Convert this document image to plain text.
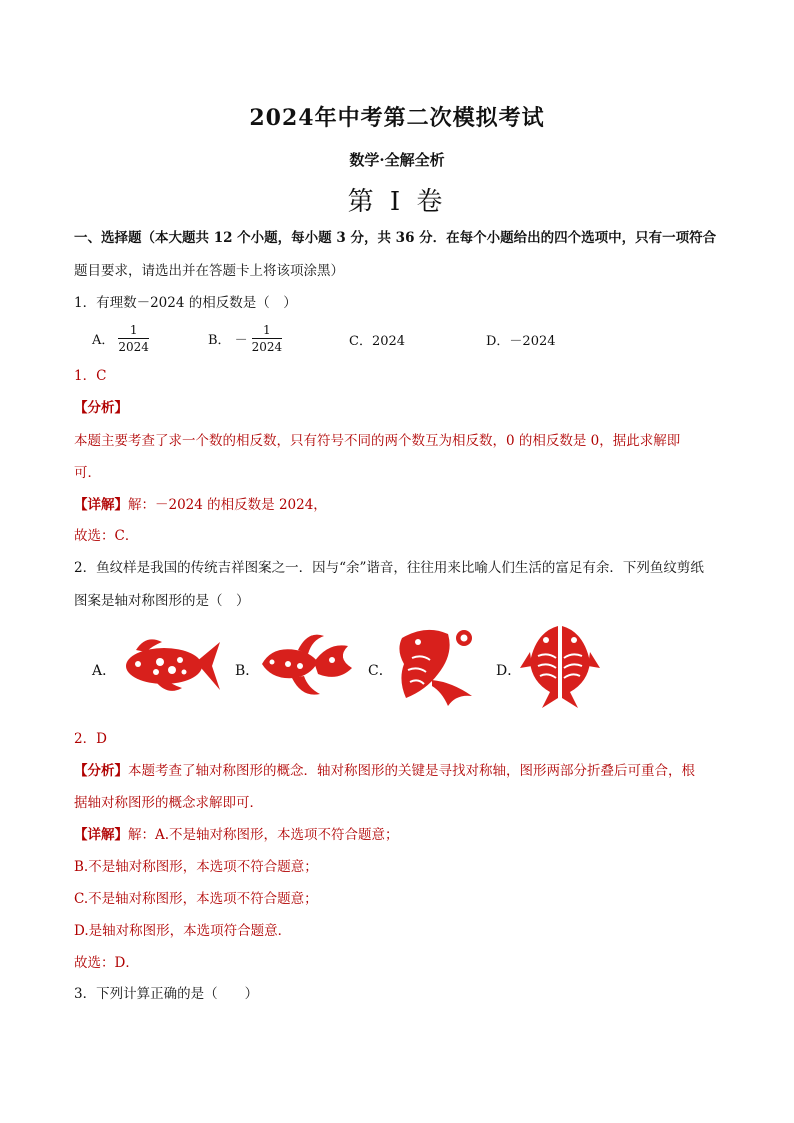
2024年中考第二次模拟考试
数学·全解全析
第 I 卷
一、选择题（本大题共 12 个小题，每小题 3 分，共 36 分．在每个小题给出的四个选项中，只有一项符合
题目要求，请选出并在答题卡上将该项涂黑）
1．有理数－2024 的相反数是（　）
A． $\frac{1}{2024}$	B． － $\frac{1}{2024}$	C．2024	D．－2024
1．C
【分析】
本题主要考查了求一个数的相反数，只有符号不同的两个数互为相反数，0 的相反数是 0，据此求解即
可．
【详解】解：－2024 的相反数是 2024，
故选：C．
2．鱼纹样是我国的传统吉祥图案之一．因与“余”谐音，往往用来比喻人们生活的富足有余．下列鱼纹剪纸
图案是轴对称图形的是（　）
A．	B．	C．	D．
2．D
【分析】本题考查了轴对称图形的概念．轴对称图形的关键是寻找对称轴，图形两部分折叠后可重合，根
据轴对称图形的概念求解即可．
【详解】解：A.不是轴对称图形，本选项不符合题意；
B.不是轴对称图形，本选项不符合题意；
C.不是轴对称图形，本选项不符合题意；
D.是轴对称图形，本选项符合题意．
故选：D．
3．下列计算正确的是（　　）
